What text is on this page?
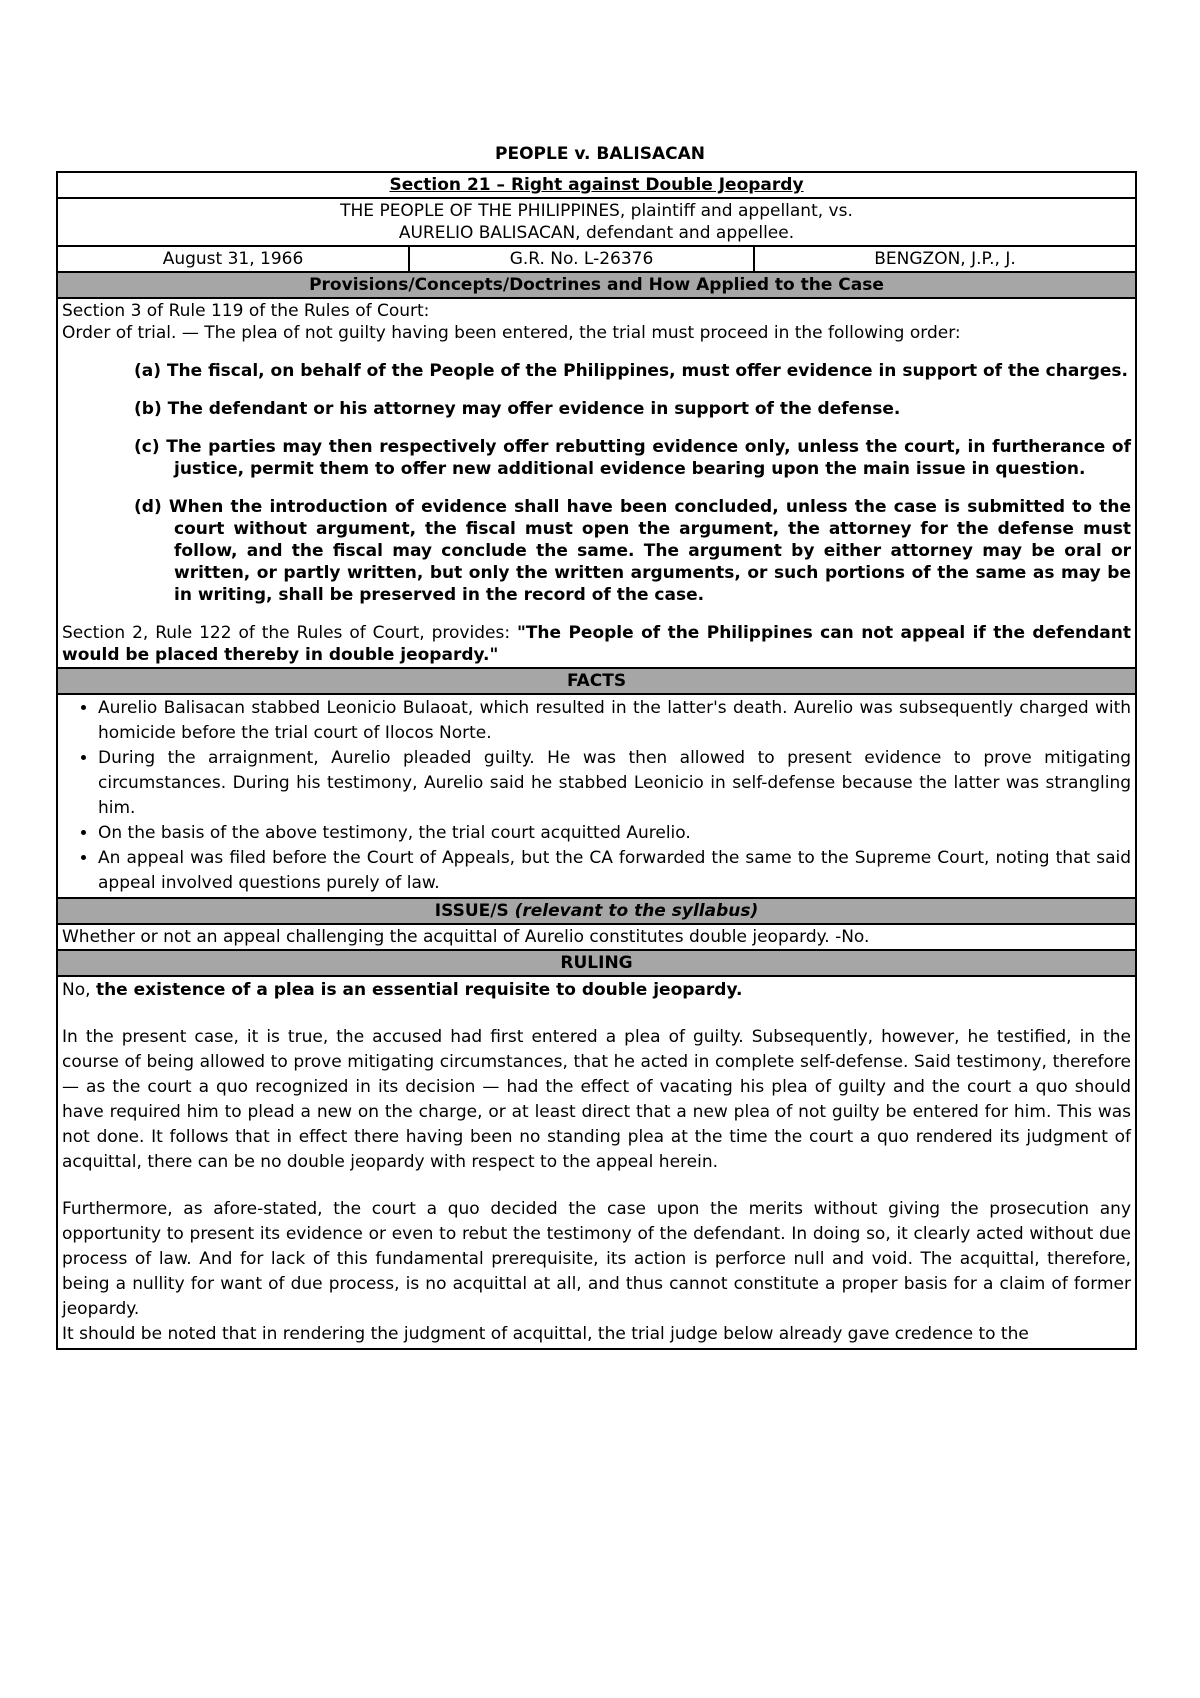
PEOPLE v. BALISACAN
Section 21 – Right against Double Jeopardy

THE PEOPLE OF THE PHILIPPINES, plaintiff and appellant, vs.
AURELIO BALISACAN, defendant and appellee.

August 31, 1966	G.R. No. L-26376	BENGZON, J.P., J.
Provisions/Concepts/Doctrines and How Applied to the Case

Section 3 of Rule 119 of the Rules of Court:
Order of trial. — The plea of not guilty having been entered, the trial must proceed in the following order:
(a) The fiscal, on behalf of the People of the Philippines, must offer evidence in support of the charges.
(b) The defendant or his attorney may offer evidence in support of the defense.
(c) The parties may then respectively offer rebutting evidence only, unless the court, in furtherance of justice, permit them to offer new additional evidence bearing upon the main issue in question.
(d) When the introduction of evidence shall have been concluded, unless the case is submitted to the court without argument, the fiscal must open the argument, the attorney for the defense must follow, and the fiscal may conclude the same. The argument by either attorney may be oral or written, or partly written, but only the written arguments, or such portions of the same as may be in writing, shall be preserved in the record of the case.
Section 2, Rule 122 of the Rules of Court, provides: "The People of the Philippines can not appeal if the defendant would be placed thereby in double jeopardy."

FACTS

• Aurelio Balisacan stabbed Leonicio Bulaoat, which resulted in the latter's death. Aurelio was subsequently charged with homicide before the trial court of Ilocos Norte.
• During the arraignment, Aurelio pleaded guilty. He was then allowed to present evidence to prove mitigating circumstances. During his testimony, Aurelio said he stabbed Leonicio in self-defense because the latter was strangling him.
• On the basis of the above testimony, the trial court acquitted Aurelio.
• An appeal was filed before the Court of Appeals, but the CA forwarded the same to the Supreme Court, noting that said appeal involved questions purely of law.

ISSUE/S (relevant to the syllabus)
Whether or not an appeal challenging the acquittal of Aurelio constitutes double jeopardy. -No.
RULING

No, the existence of a plea is an essential requisite to double jeopardy.

In the present case, it is true, the accused had first entered a plea of guilty. Subsequently, however, he testified, in the course of being allowed to prove mitigating circumstances, that he acted in complete self-defense. Said testimony, therefore — as the court a quo recognized in its decision — had the effect of vacating his plea of guilty and the court a quo should have required him to plead a new on the charge, or at least direct that a new plea of not guilty be entered for him. This was not done. It follows that in effect there having been no standing plea at the time the court a quo rendered its judgment of acquittal, there can be no double jeopardy with respect to the appeal herein.

Furthermore, as afore-stated, the court a quo decided the case upon the merits without giving the prosecution any opportunity to present its evidence or even to rebut the testimony of the defendant. In doing so, it clearly acted without due process of law. And for lack of this fundamental prerequisite, its action is perforce null and void. The acquittal, therefore, being a nullity for want of due process, is no acquittal at all, and thus cannot constitute a proper basis for a claim of former jeopardy.

It should be noted that in rendering the judgment of acquittal, the trial judge below already gave credence to the
